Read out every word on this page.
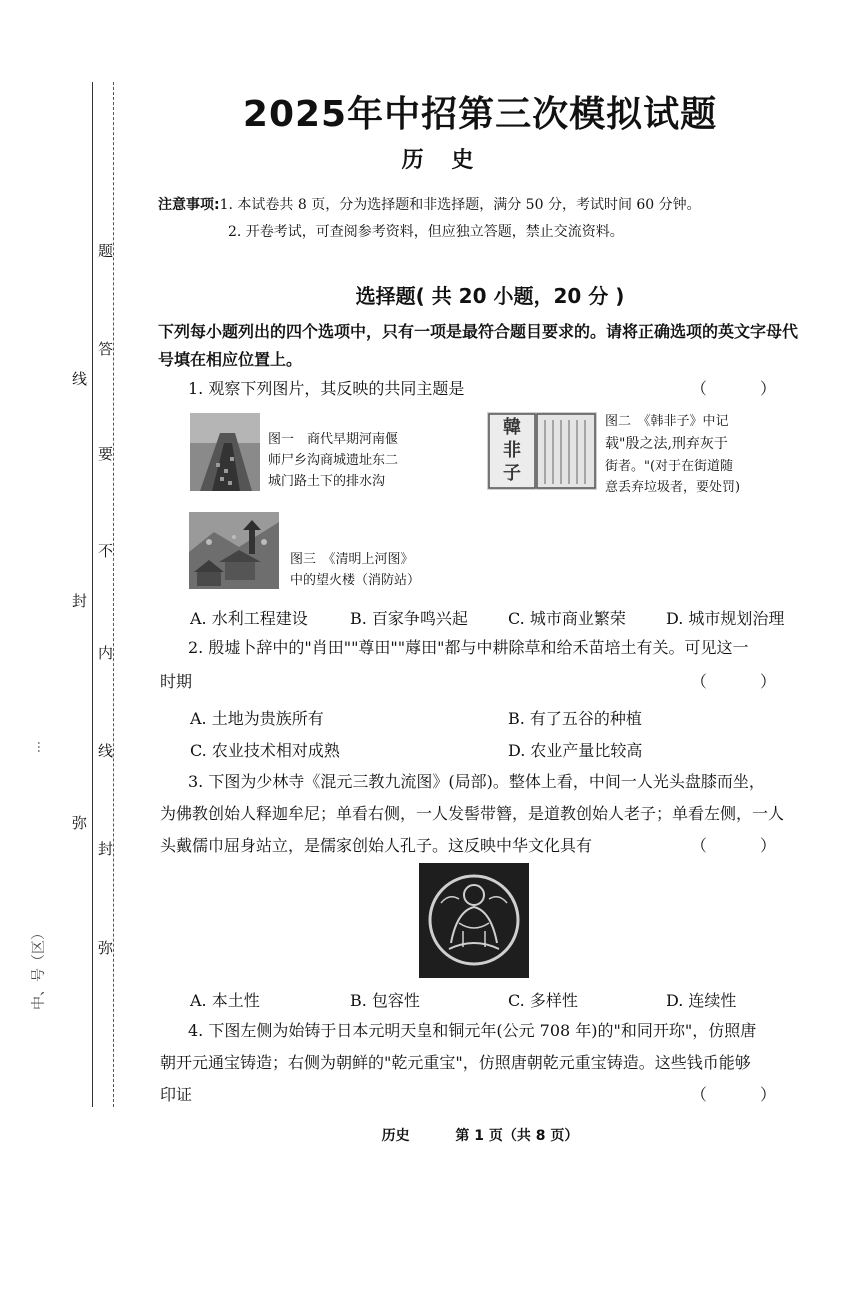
题
答
要
不
内
线
封
弥
线
封
弥
中、号（区）
…
2025年中招第三次模拟试题
历 史
注意事项:1. 本试卷共 8 页，分为选择题和非选择题，满分 50 分，考试时间 60 分钟。
2. 开卷考试，可查阅参考资料，但应独立答题，禁止交流资料。
选择题( 共 20 小题，20 分 )
下列每小题列出的四个选项中，只有一项是最符合题目要求的。请将正确选项的英文字母代号填在相应位置上。
1. 观察下列图片，其反映的共同主题是	（ ）
图一　商代早期河南偃
师尸乡沟商城遗址东二
城门路土下的排水沟
韓
非
子
图二　《韩非子》中记
载"殷之法,刑弃灰于
街者。"(对于在街道随
意丢弃垃圾者，要处罚)
图三　《清明上河图》
中的望火楼（消防站）
A. 水利工程建设	B. 百家争鸣兴起	C. 城市商业繁荣	D. 城市规划治理
2. 殷墟卜辞中的"肖田""尊田""蓐田"都与中耕除草和给禾苗培土有关。可见这一
时期	（ ）
A. 土地为贵族所有	B. 有了五谷的种植
C. 农业技术相对成熟	D. 农业产量比较高
3. 下图为少林寺《混元三教九流图》(局部)。整体上看，中间一人光头盘膝而坐，
为佛教创始人释迦牟尼；单看右侧，一人发髻带簪，是道教创始人老子；单看左侧，一人
头戴儒巾屈身站立，是儒家创始人孔子。这反映中华文化具有	（ ）
A. 本土性	B. 包容性	C. 多样性	D. 连续性
4. 下图左侧为始铸于日本元明天皇和铜元年(公元 708 年)的"和同开珎"，仿照唐
朝开元通宝铸造；右侧为朝鲜的"乾元重宝"，仿照唐朝乾元重宝铸造。这些钱币能够
印证	（ ）
历史	第 1 页（共 8 页）
